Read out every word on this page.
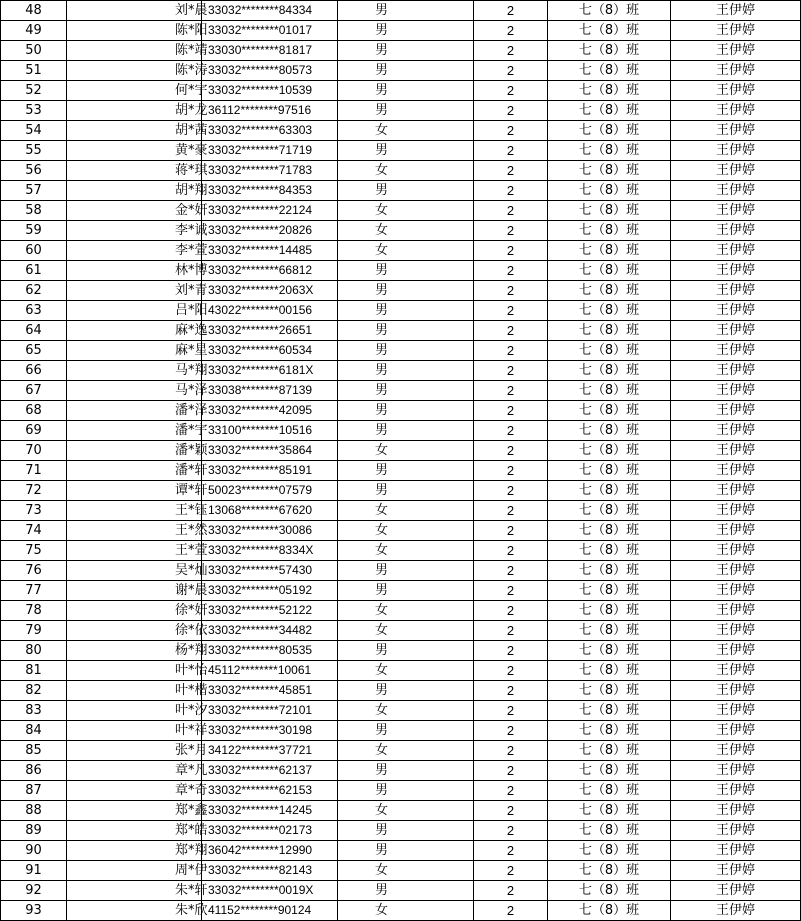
48	刘*晨	33032********84334	男	2	七（8）班	王伊婷
49	陈*阳	33032********01017	男	2	七（8）班	王伊婷
50	陈*靖	33030********81817	男	2	七（8）班	王伊婷
51	陈*涛	33032********80573	男	2	七（8）班	王伊婷
52	何*宇	33032********10539	男	2	七（8）班	王伊婷
53	胡*龙	36112********97516	男	2	七（8）班	王伊婷
54	胡*茜	33032********63303	女	2	七（8）班	王伊婷
55	黄*豪	33032********71719	男	2	七（8）班	王伊婷
56	蒋*琪	33032********71783	女	2	七（8）班	王伊婷
57	胡*翔	33032********84353	男	2	七（8）班	王伊婷
58	金*妍	33032********22124	女	2	七（8）班	王伊婷
59	李*诚	33032********20826	女	2	七（8）班	王伊婷
60	李*萱	33032********14485	女	2	七（8）班	王伊婷
61	林*博	33032********66812	男	2	七（8）班	王伊婷
62	刘*青	33032********2063X	男	2	七（8）班	王伊婷
63	吕*阳	43022********00156	男	2	七（8）班	王伊婷
64	麻*逸	33032********26651	男	2	七（8）班	王伊婷
65	麻*星	33032********60534	男	2	七（8）班	王伊婷
66	马*翔	33032********6181X	男	2	七（8）班	王伊婷
67	马*泽	33038********87139	男	2	七（8）班	王伊婷
68	潘*泽	33032********42095	男	2	七（8）班	王伊婷
69	潘*宇	33100********10516	男	2	七（8）班	王伊婷
70	潘*颖	33032********35864	女	2	七（8）班	王伊婷
71	潘*轩	33032********85191	男	2	七（8）班	王伊婷
72	谭*轩	50023********07579	男	2	七（8）班	王伊婷
73	王*钰	13068********67620	女	2	七（8）班	王伊婷
74	王*然	33032********30086	女	2	七（8）班	王伊婷
75	王*萱	33032********8334X	女	2	七（8）班	王伊婷
76	吴*灿	33032********57430	男	2	七（8）班	王伊婷
77	谢*晨	33032********05192	男	2	七（8）班	王伊婷
78	徐*妍	33032********52122	女	2	七（8）班	王伊婷
79	徐*依	33032********34482	女	2	七（8）班	王伊婷
80	杨*翔	33032********80535	男	2	七（8）班	王伊婷
81	叶*怡	45112********10061	女	2	七（8）班	王伊婷
82	叶*楷	33032********45851	男	2	七（8）班	王伊婷
83	叶*汐	33032********72101	女	2	七（8）班	王伊婷
84	叶*祥	33032********30198	男	2	七（8）班	王伊婷
85	张*月	34122********37721	女	2	七（8）班	王伊婷
86	章*凡	33032********62137	男	2	七（8）班	王伊婷
87	章*奇	33032********62153	男	2	七（8）班	王伊婷
88	郑*鑫	33032********14245	女	2	七（8）班	王伊婷
89	郑*皓	33032********02173	男	2	七（8）班	王伊婷
90	郑*翔	36042********12990	男	2	七（8）班	王伊婷
91	周*伊	33032********82143	女	2	七（8）班	王伊婷
92	朱*轩	33032********0019X	男	2	七（8）班	王伊婷
93	朱*欣	41152********90124	女	2	七（8）班	王伊婷
